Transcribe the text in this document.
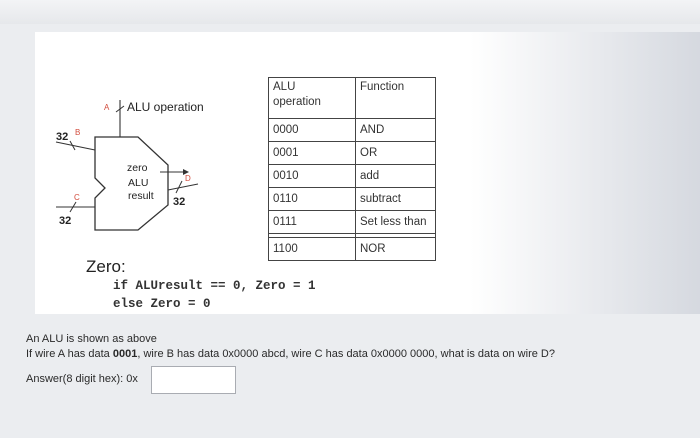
A ALU operation
32 B
C
32
zero
ALU
result
D
32
ALU
operation	Function
0000	AND
0001	OR
0010	add
0110	subtract
0111	Set less than

1100	NOR
Zero:
if ALUresult == 0, Zero = 1
else Zero = 0
An ALU is shown as above
If wire A has data 0001, wire B has data 0x0000 abcd, wire C has data 0x0000 0000, what is data on wire D?
Answer(8 digit hex): 0x
